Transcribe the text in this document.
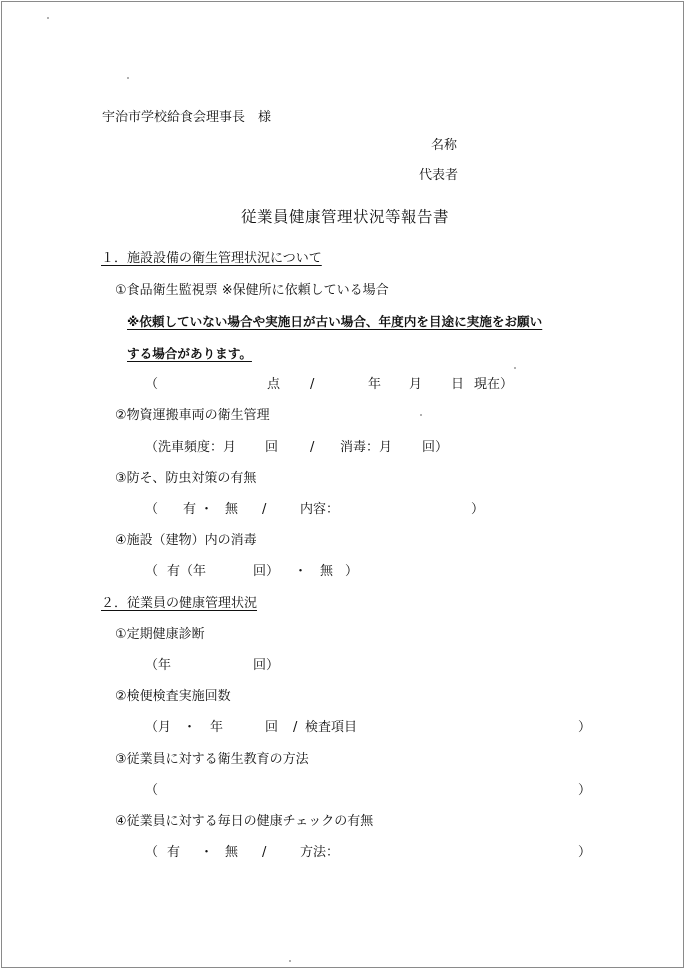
宇治市学校給食会理事長　様
名称
代表者
従業員健康管理状況等報告書
１．施設設備の衛生管理状況について
①食品衛生監視票 ※保健所に依頼している場合
※依頼していない場合や実施日が古い場合、年度内を目途に実施をお願い
する場合があります。
（	点 /	年 月 日 現在）
②物資運搬車両の衛生管理
（洗車頻度：月 回 / 消毒：月 回）
③防そ、防虫対策の有無
（ 有 ・ 無 /	内容：	）
④施設（建物）内の消毒
（ 有（年	回） ・ 無 ）
２．従業員の健康管理状況
①定期健康診断
（年	回）
②検便検査実施回数
（月 ・ 年	回 / 検査項目	）
③従業員に対する衛生教育の方法
（	）
④従業員に対する毎日の健康チェックの有無
（ 有 ・ 無 /	方法：	）
